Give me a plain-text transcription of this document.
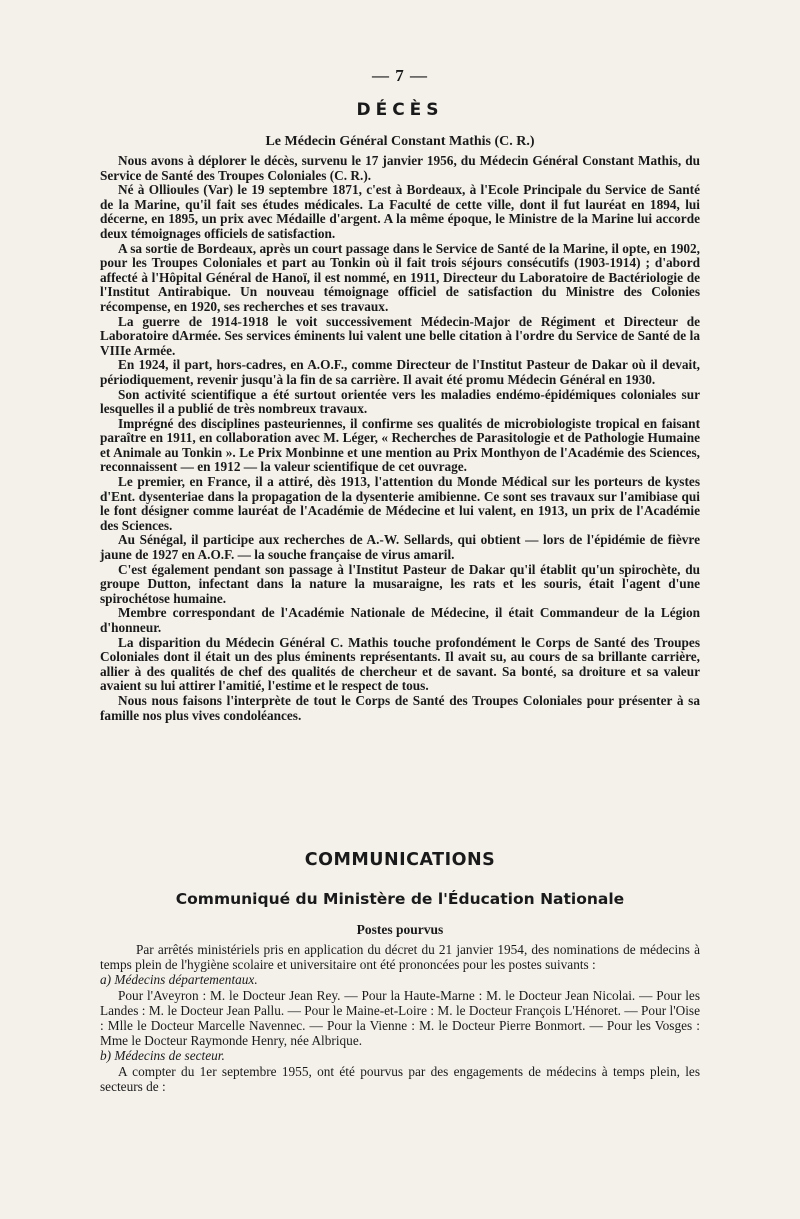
— 7 —
DÉCÈS
Le Médecin Général Constant Mathis (C. R.)

Nous avons à déplorer le décès, survenu le 17 janvier 1956, du Médecin Général Constant Mathis, du Service de Santé des Troupes Coloniales (C. R.).

Né à Ollioules (Var) le 19 septembre 1871, c'est à Bordeaux, à l'Ecole Principale du Service de Santé de la Marine, qu'il fait ses études médicales. La Faculté de cette ville, dont il fut lauréat en 1894, lui décerne, en 1895, un prix avec Médaille d'argent. A la même époque, le Ministre de la Marine lui accorde deux témoignages officiels de satisfaction.

A sa sortie de Bordeaux, après un court passage dans le Service de Santé de la Marine, il opte, en 1902, pour les Troupes Coloniales et part au Tonkin où il fait trois séjours consécutifs (1903-1914) ; d'abord affecté à l'Hôpital Général de Hanoï, il est nommé, en 1911, Directeur du Laboratoire de Bactériologie de l'Institut Antirabique. Un nouveau témoignage officiel de satisfaction du Ministre des Colonies récompense, en 1920, ses recherches et ses travaux.

La guerre de 1914-1918 le voit successivement Médecin-Major de Régiment et Directeur de Laboratoire dArmée. Ses services éminents lui valent une belle citation à l'ordre du Service de Santé de la VIIIe Armée.

En 1924, il part, hors-cadres, en A.O.F., comme Directeur de l'Institut Pasteur de Dakar où il devait, périodiquement, revenir jusqu'à la fin de sa carrière. Il avait été promu Médecin Général en 1930.

Son activité scientifique a été surtout orientée vers les maladies endémo-épidémiques coloniales sur lesquelles il a publié de très nombreux travaux.

Imprégné des disciplines pasteuriennes, il confirme ses qualités de microbiologiste tropical en faisant paraître en 1911, en collaboration avec M. Léger, « Recherches de Parasitologie et de Pathologie Humaine et Animale au Tonkin ». Le Prix Monbinne et une mention au Prix Monthyon de l'Académie des Sciences, reconnaissent — en 1912 — la valeur scientifique de cet ouvrage.

Le premier, en France, il a attiré, dès 1913, l'attention du Monde Médical sur les porteurs de kystes d'Ent. dysenteriae dans la propagation de la dysenterie amibienne. Ce sont ses travaux sur l'amibiase qui le font désigner comme lauréat de l'Académie de Médecine et lui valent, en 1913, un prix de l'Académie des Sciences.

Au Sénégal, il participe aux recherches de A.-W. Sellards, qui obtient — lors de l'épidémie de fièvre jaune de 1927 en A.O.F. — la souche française de virus amaril.

C'est également pendant son passage à l'Institut Pasteur de Dakar qu'il établit qu'un spirochète, du groupe Dutton, infectant dans la nature la musaraigne, les rats et les souris, était l'agent d'une spirochétose humaine.

Membre correspondant de l'Académie Nationale de Médecine, il était Commandeur de la Légion d'honneur.

La disparition du Médecin Général C. Mathis touche profondément le Corps de Santé des Troupes Coloniales dont il était un des plus éminents représentants. Il avait su, au cours de sa brillante carrière, allier à des qualités de chef des qualités de chercheur et de savant. Sa bonté, sa droiture et sa valeur avaient su lui attirer l'amitié, l'estime et le respect de tous.

Nous nous faisons l'interprète de tout le Corps de Santé des Troupes Coloniales pour présenter à sa famille nos plus vives condoléances.

COMMUNICATIONS
Communiqué du Ministère de l'Éducation Nationale
Postes pourvus

Par arrêtés ministériels pris en application du décret du 21 janvier 1954, des nominations de médecins à temps plein de l'hygiène scolaire et universitaire ont été prononcées pour les postes suivants :

a) Médecins départementaux.

Pour l'Aveyron : M. le Docteur Jean Rey. — Pour la Haute-Marne : M. le Docteur Jean Nicolai. — Pour les Landes : M. le Docteur Jean Pallu. — Pour le Maine-et-Loire : M. le Docteur François L'Hénoret. — Pour l'Oise : Mlle le Docteur Marcelle Navennec. — Pour la Vienne : M. le Docteur Pierre Bonmort. — Pour les Vosges : Mme le Docteur Raymonde Henry, née Albrique.

b) Médecins de secteur.

A compter du 1er septembre 1955, ont été pourvus par des engagements de médecins à temps plein, les secteurs de :
